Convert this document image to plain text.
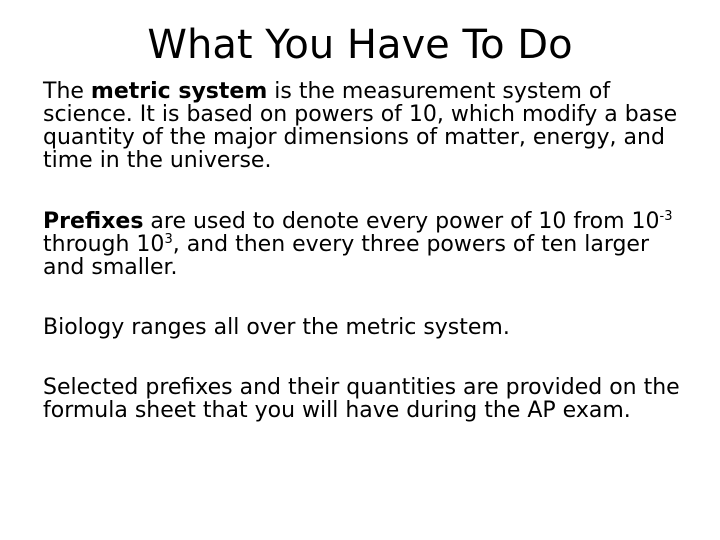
What You Have To Do

The metric system is the measurement system of science. It is based on powers of 10, which modify a base quantity of the major dimensions of matter, energy, and time in the universe.

Prefixes are used to denote every power of 10 from $10^{-3}$ through $10^3$, and then every three powers of ten larger and smaller.

Biology ranges all over the metric system.

Selected prefixes and their quantities are provided on the formula sheet that you will have during the AP exam.
